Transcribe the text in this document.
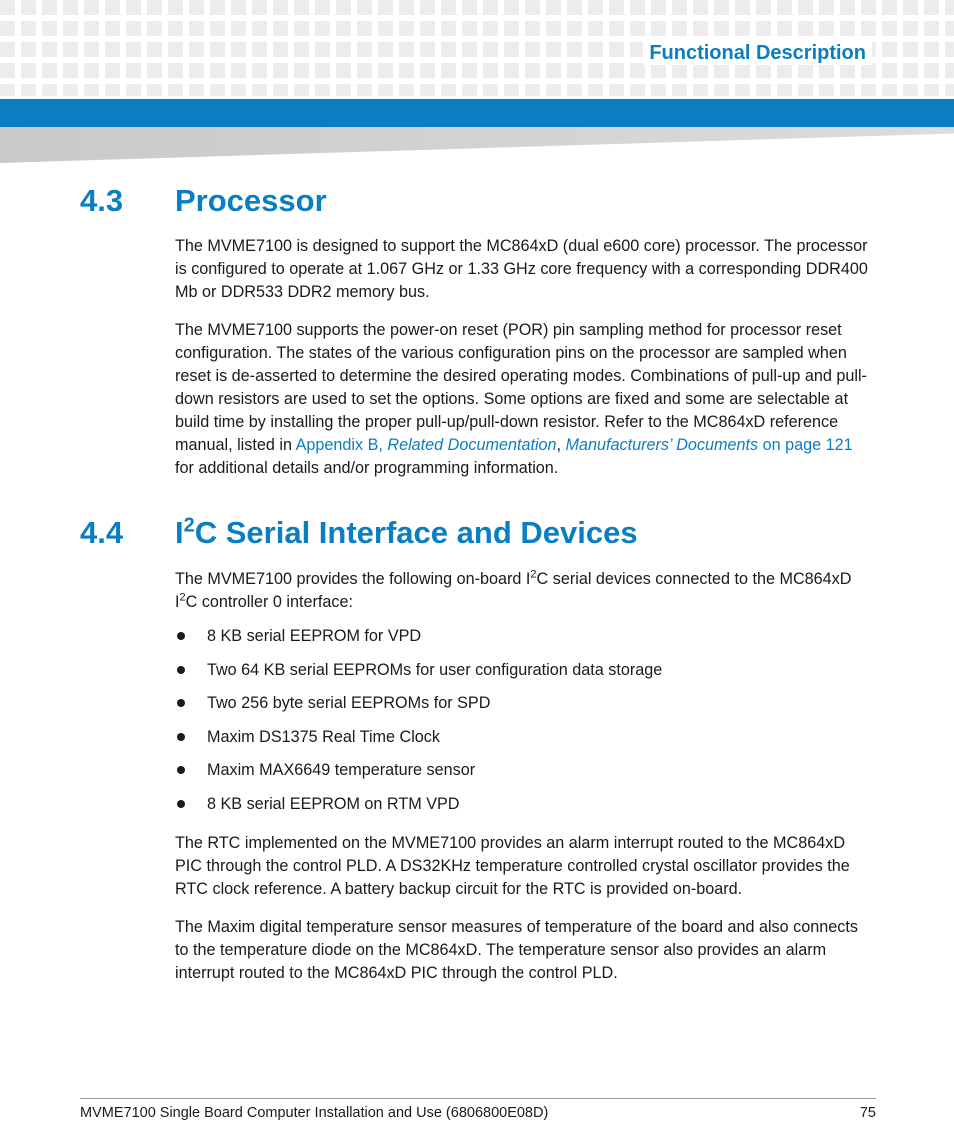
Functional Description
4.3 Processor

The MVME7100 is designed to support the MC864xD (dual e600 core) processor. The processor is configured to operate at 1.067 GHz or 1.33 GHz core frequency with a corresponding DDR400 Mb or DDR533 DDR2 memory bus.

The MVME7100 supports the power-on reset (POR) pin sampling method for processor reset configuration. The states of the various configuration pins on the processor are sampled when reset is de-asserted to determine the desired operating modes. Combinations of pull-up and pull-down resistors are used to set the options. Some options are fixed and some are selectable at build time by installing the proper pull-up/pull-down resistor. Refer to the MC864xD reference manual, listed in Appendix B, Related Documentation, Manufacturers’ Documents on page 121 for additional details and/or programming information.

4.4 $I^2C$ Serial Interface and Devices

The MVME7100 provides the following on-board $I^2C$ serial devices connected to the MC864xD $I^2C$ controller 0 interface:

8 KB serial EEPROM for VPD
Two 64 KB serial EEPROMs for user configuration data storage
Two 256 byte serial EEPROMs for SPD
Maxim DS1375 Real Time Clock
Maxim MAX6649 temperature sensor
8 KB serial EEPROM on RTM VPD

The RTC implemented on the MVME7100 provides an alarm interrupt routed to the MC864xD PIC through the control PLD. A DS32KHz temperature controlled crystal oscillator provides the RTC clock reference. A battery backup circuit for the RTC is provided on-board.

The Maxim digital temperature sensor measures of temperature of the board and also connects to the temperature diode on the MC864xD. The temperature sensor also provides an alarm interrupt routed to the MC864xD PIC through the control PLD.

MVME7100 Single Board Computer Installation and Use (6806800E08D)	75
